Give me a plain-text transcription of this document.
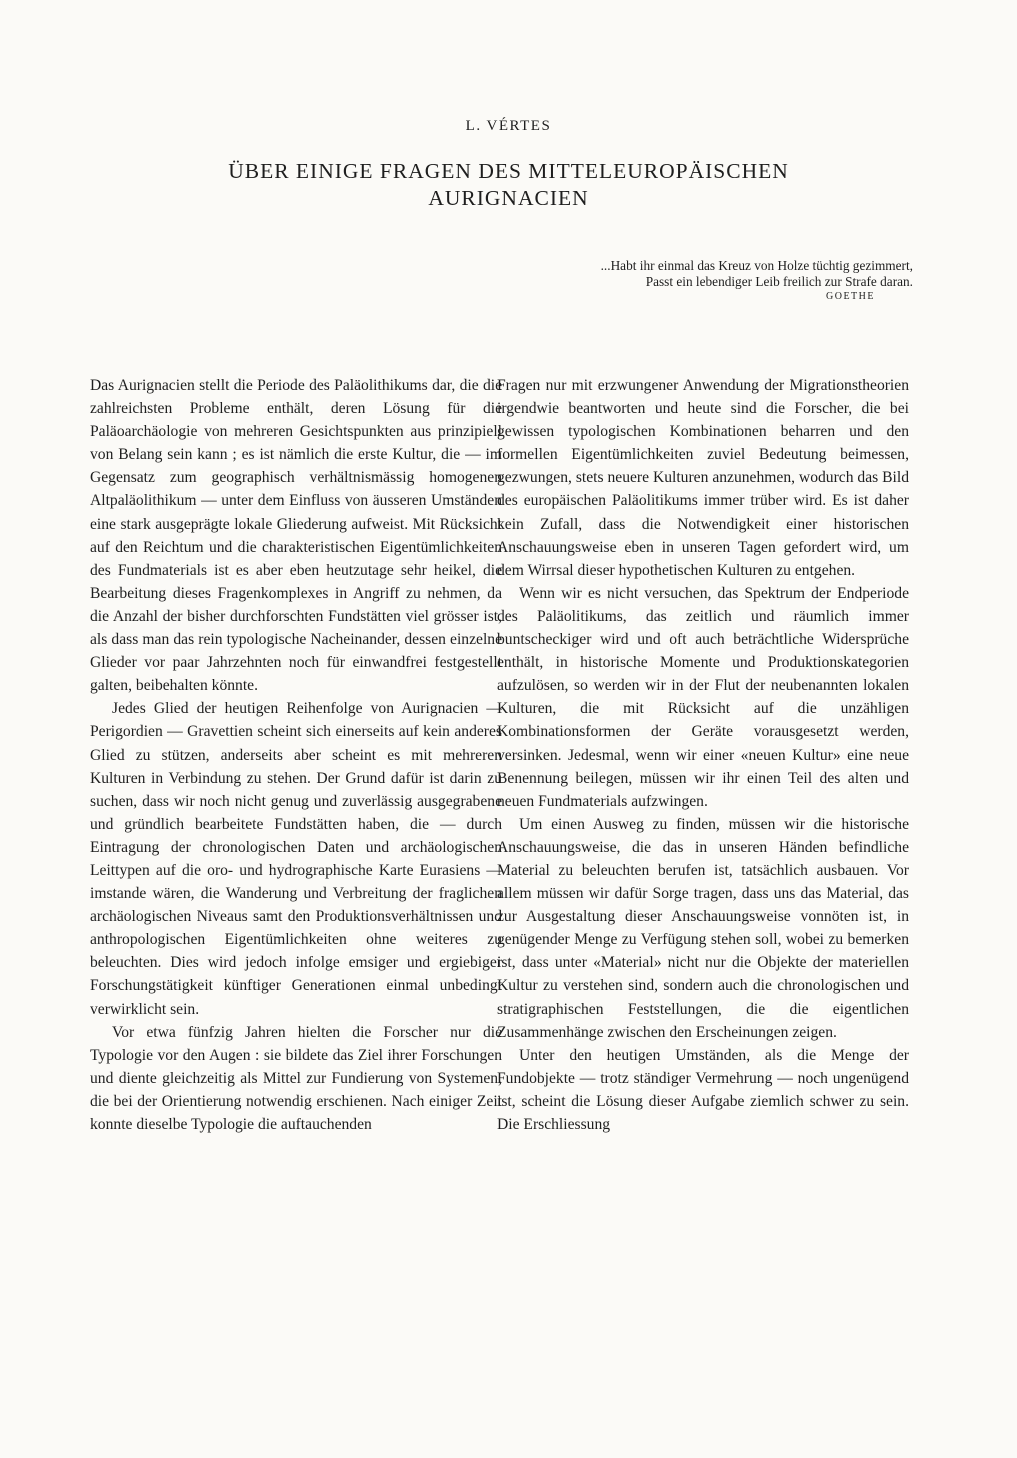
L. VÉRTES
ÜBER EINIGE FRAGEN DES MITTELEUROPÄISCHEN
AURIGNACIEN
...Habt ihr einmal das Kreuz von Holze tüchtig gezimmert,
Passt ein lebendiger Leib freilich zur Strafe daran.
GOETHE

Das Aurignacien stellt die Periode des Paläolithikums dar, die die zahlreichsten Probleme enthält, deren Lösung für die Paläoarchäologie von mehreren Gesichtspunkten aus prinzipiell von Belang sein kann ; es ist nämlich die erste Kultur, die — im Gegensatz zum geographisch verhältnismässig homogenen Altpaläolithikum — unter dem Einfluss von äusseren Umständen eine stark ausgeprägte lokale Gliederung aufweist. Mit Rücksicht auf den Reichtum und die charakteristischen Eigentümlichkeiten des Fundmaterials ist es aber eben heutzutage sehr heikel, die Bearbeitung dieses Fragenkomplexes in Angriff zu nehmen, da die Anzahl der bisher durchforschten Fundstätten viel grösser ist, als dass man das rein typologische Nacheinander, dessen einzelne Glieder vor paar Jahrzehnten noch für einwandfrei festgestellt galten, beibehalten könnte.

Jedes Glied der heutigen Reihenfolge von Aurignacien — Perigordien — Gravettien scheint sich einerseits auf kein anderes Glied zu stützen, anderseits aber scheint es mit mehreren Kulturen in Verbindung zu stehen. Der Grund dafür ist darin zu suchen, dass wir noch nicht genug und zuverlässig ausgegrabene und gründlich bearbeitete Fundstätten haben, die — durch Eintragung der chronologischen Daten und archäologischen Leittypen auf die oro- und hydrographische Karte Eurasiens — imstande wären, die Wanderung und Verbreitung der fraglichen archäologischen Niveaus samt den Produktionsverhältnissen und anthropologischen Eigentümlichkeiten ohne weiteres zu beleuchten. Dies wird jedoch infolge emsiger und ergiebiger Forschungstätigkeit künftiger Generationen einmal unbedingt verwirklicht sein.

Vor etwa fünfzig Jahren hielten die Forscher nur die Typologie vor den Augen : sie bildete das Ziel ihrer Forschungen und diente gleichzeitig als Mittel zur Fundierung von Systemen, die bei der Orientierung notwendig erschienen. Nach einiger Zeit konnte dieselbe Typologie die auftauchenden

Fragen nur mit erzwungener Anwendung der Migrationstheorien irgendwie beantworten und heute sind die Forscher, die bei gewissen typologischen Kombinationen beharren und den formellen Eigentümlichkeiten zuviel Bedeutung beimessen, gezwungen, stets neuere Kulturen anzunehmen, wodurch das Bild des europäischen Paläolitikums immer trüber wird. Es ist daher kein Zufall, dass die Notwendigkeit einer historischen Anschauungsweise eben in unseren Tagen gefordert wird, um dem Wirrsal dieser hypothetischen Kulturen zu entgehen.

Wenn wir es nicht versuchen, das Spektrum der Endperiode des Paläolitikums, das zeitlich und räumlich immer buntscheckiger wird und oft auch beträchtliche Widersprüche enthält, in historische Momente und Produktionskategorien aufzulösen, so werden wir in der Flut der neubenannten lokalen Kulturen, die mit Rücksicht auf die unzähligen Kombinationsformen der Geräte vorausgesetzt werden, versinken. Jedesmal, wenn wir einer «neuen Kultur» eine neue Benennung beilegen, müssen wir ihr einen Teil des alten und neuen Fundmaterials aufzwingen.

Um einen Ausweg zu finden, müssen wir die historische Anschauungsweise, die das in unseren Händen befindliche Material zu beleuchten berufen ist, tatsächlich ausbauen. Vor allem müssen wir dafür Sorge tragen, dass uns das Material, das zur Ausgestaltung dieser Anschauungsweise vonnöten ist, in genügender Menge zu Verfügung stehen soll, wobei zu bemerken ist, dass unter «Material» nicht nur die Objekte der materiellen Kultur zu verstehen sind, sondern auch die chronologischen und stratigraphischen Feststellungen, die die eigentlichen Zusammenhänge zwischen den Erscheinungen zeigen.

Unter den heutigen Umständen, als die Menge der Fundobjekte — trotz ständiger Vermehrung — noch ungenügend ist, scheint die Lösung dieser Aufgabe ziemlich schwer zu sein. Die Erschliessung
